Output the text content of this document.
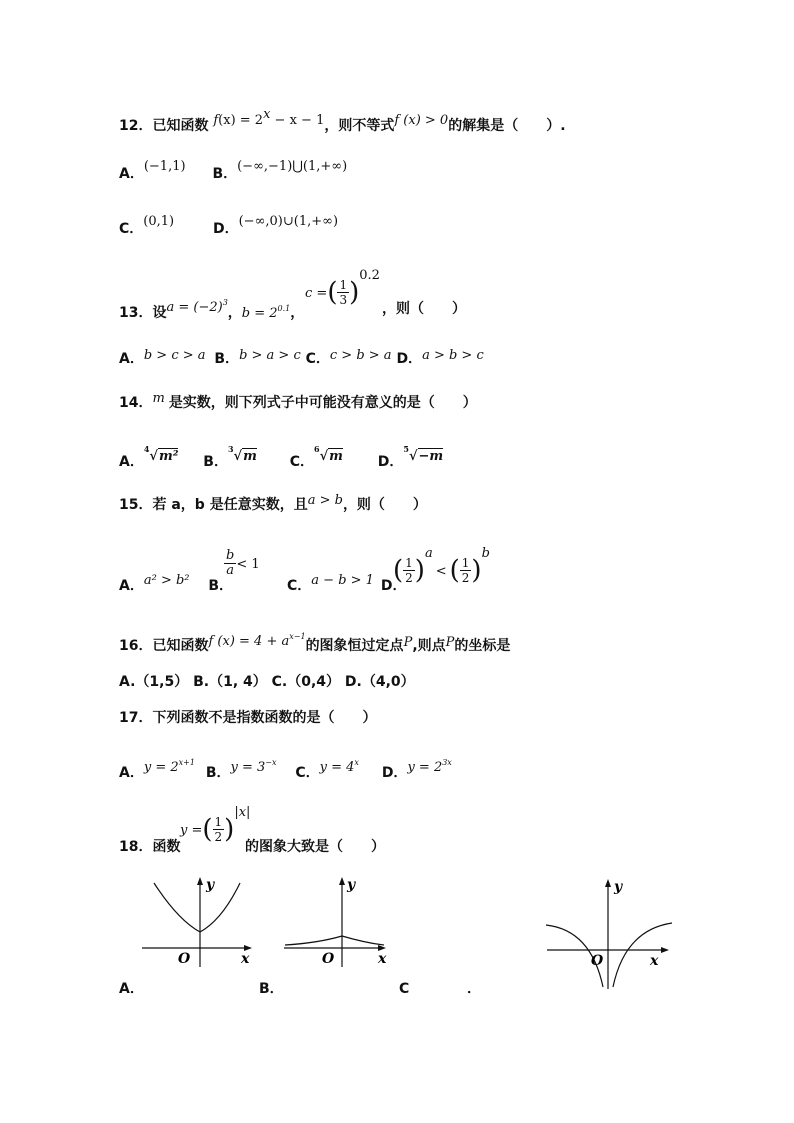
12．已知函数 $f(x) = 2^x - x - 1$，则不等式f (x) > 0的解集是（　　）.
A．(−1,1) B．(−∞,−1)⋃(1,+∞)
C．(0,1)	D．(−∞,0)∪(1,+∞)
13．设$a = (-2)^3$，$b = 2^{0.1}$，
c =( $\frac{1}{3} )^{0.2}$
，则（　　）
A．b > c > a B．b > a > c C．c > b > a D．a > b > c
14．m 是实数，则下列式子中可能没有意义的是（　　）
A．$^4$√m² B．$^3$√m C．$^6$√m D．$^5$√−m
15．若 a，b 是任意实数，且a > b，则（　　）
A．a² > b² B．
$\frac{b}{a} < 1$
C．a − b > 1 D．
( $\frac{1}{2} )^a<$ ( $\frac{1}{2} )^b$
16．已知函数f $(x) = 4 + a^{x-1}$的图象恒过定点P,则点P的坐标是
A.（1,5） B.（1, 4） C.（0,4） D.（4,0）
17．下列函数不是指数函数的是（　　）
A．$y = 2^{x+1}$ B．$y = 3^{-x}$ C．$y = 4^x$ D．$y = 2^{3x}$
18．函数
y =( $\frac{1}{2} )^{|x|}$
的图象大致是（　　）
O	x
y
A．
O	x
y
B．
O	x
y
C	．
